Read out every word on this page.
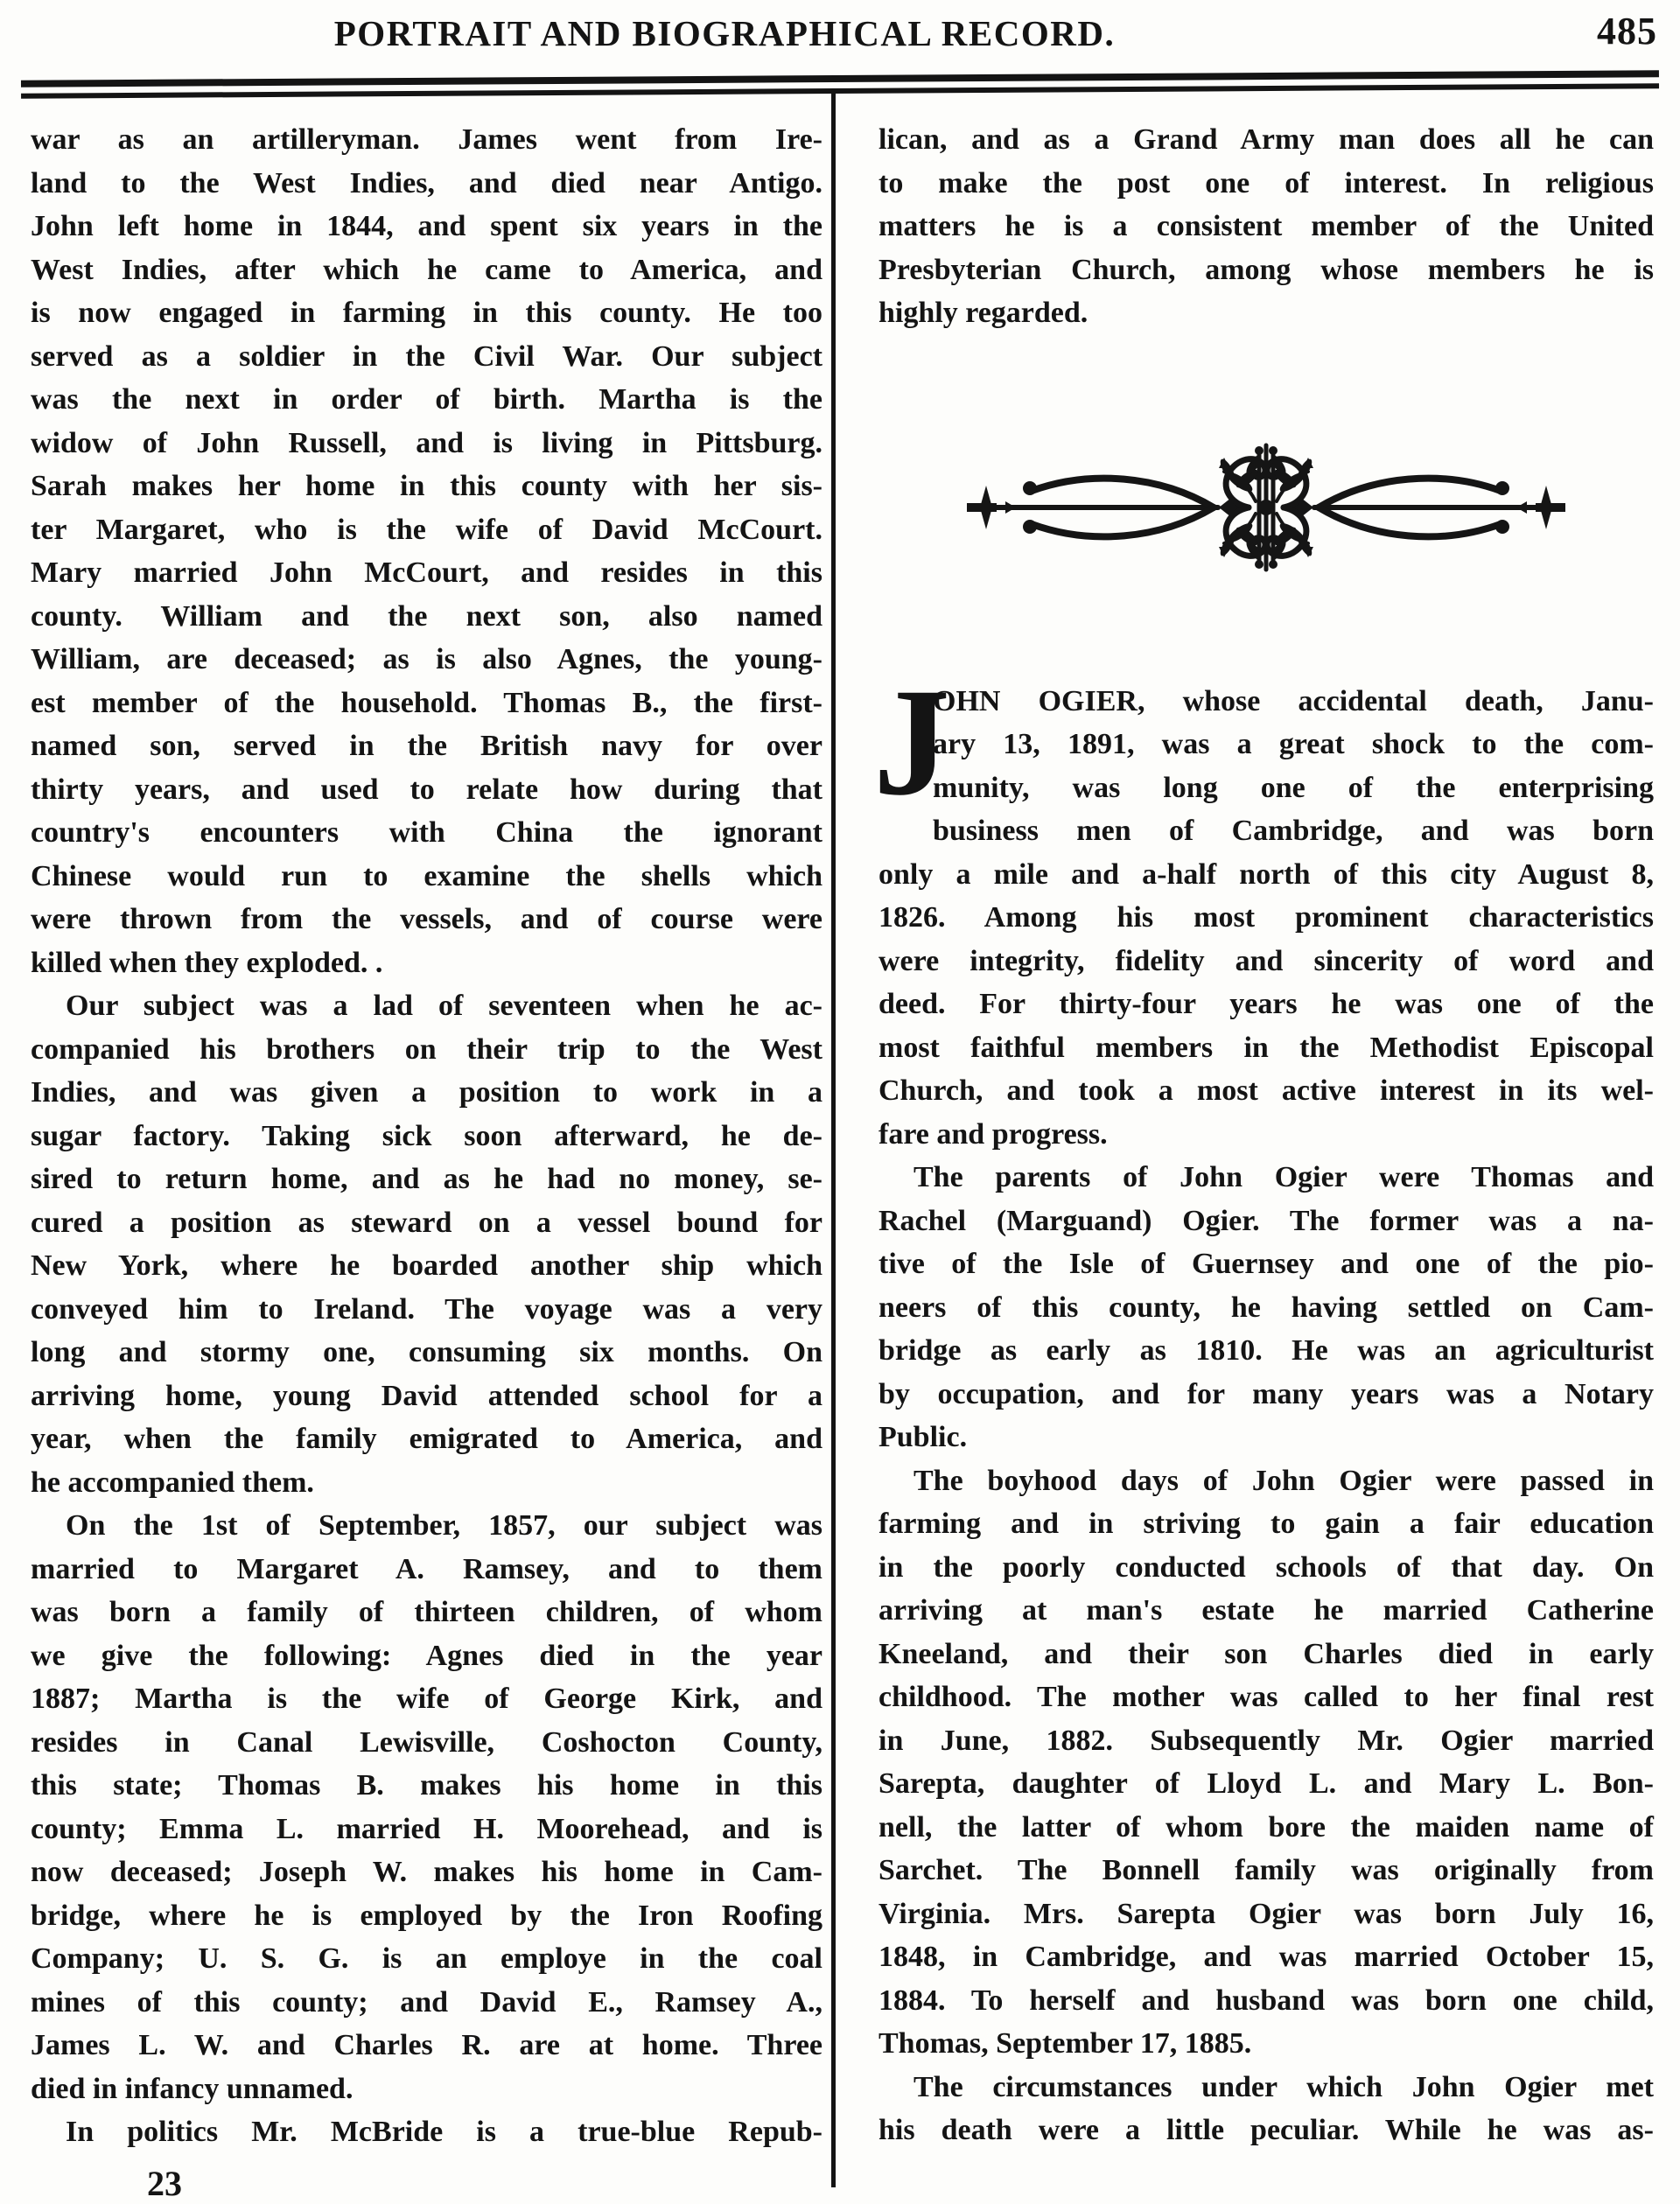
PORTRAIT AND BIOGRAPHICAL RECORD.	485
war as an artilleryman. James went from Ire-
land to the West Indies, and died near Antigo.
John left home in 1844, and spent six years in the
West Indies, after which he came to America, and
is now engaged in farming in this county. He too
served as a soldier in the Civil War. Our subject
was the next in order of birth. Martha is the
widow of John Russell, and is living in Pittsburg.
Sarah makes her home in this county with her sis-
ter Margaret, who is the wife of David McCourt.
Mary married John McCourt, and resides in this
county. William and the next son, also named
William, are deceased; as is also Agnes, the young-
est member of the household. Thomas B., the first-
named son, served in the British navy for over
thirty years, and used to relate how during that
country's encounters with China the ignorant
Chinese would run to examine the shells which
were thrown from the vessels, and of course were
killed when they exploded. .
Our subject was a lad of seventeen when he ac-
companied his brothers on their trip to the West
Indies, and was given a position to work in a
sugar factory. Taking sick soon afterward, he de-
sired to return home, and as he had no money, se-
cured a position as steward on a vessel bound for
New York, where he boarded another ship which
conveyed him to Ireland. The voyage was a very
long and stormy one, consuming six months. On
arriving home, young David attended school for a
year, when the family emigrated to America, and
he accompanied them.
On the 1st of September, 1857, our subject was
married to Margaret A. Ramsey, and to them
was born a family of thirteen children, of whom
we give the following: Agnes died in the year
1887; Martha is the wife of George Kirk, and
resides in Canal Lewisville, Coshocton County,
this state; Thomas B. makes his home in this
county; Emma L. married H. Moorehead, and is
now deceased; Joseph W. makes his home in Cam-
bridge, where he is employed by the Iron Roofing
Company; U. S. G. is an employe in the coal
mines of this county; and David E., Ramsey A.,
James L. W. and Charles R. are at home. Three
died in infancy unnamed.
In politics Mr. McBride is a true-blue Repub-
lican, and as a Grand Army man does all he can
to make the post one of interest. In religious
matters he is a consistent member of the United
Presbyterian Church, among whose members he is
highly regarded.
J
OHN OGIER, whose accidental death, Janu-
ary 13, 1891, was a great shock to the com-
munity, was long one of the enterprising
business men of Cambridge, and was born
only a mile and a-half north of this city August 8,
1826. Among his most prominent characteristics
were integrity, fidelity and sincerity of word and
deed. For thirty-four years he was one of the
most faithful members in the Methodist Episcopal
Church, and took a most active interest in its wel-
fare and progress.
The parents of John Ogier were Thomas and
Rachel (Marguand) Ogier. The former was a na-
tive of the Isle of Guernsey and one of the pio-
neers of this county, he having settled on Cam-
bridge as early as 1810. He was an agriculturist
by occupation, and for many years was a Notary
Public.
The boyhood days of John Ogier were passed in
farming and in striving to gain a fair education
in the poorly conducted schools of that day. On
arriving at man's estate he married Catherine
Kneeland, and their son Charles died in early
childhood. The mother was called to her final rest
in June, 1882. Subsequently Mr. Ogier married
Sarepta, daughter of Lloyd L. and Mary L. Bon-
nell, the latter of whom bore the maiden name of
Sarchet. The Bonnell family was originally from
Virginia. Mrs. Sarepta Ogier was born July 16,
1848, in Cambridge, and was married October 15,
1884. To herself and husband was born one child,
Thomas, September 17, 1885.
The circumstances under which John Ogier met
his death were a little peculiar. While he was as-
23
